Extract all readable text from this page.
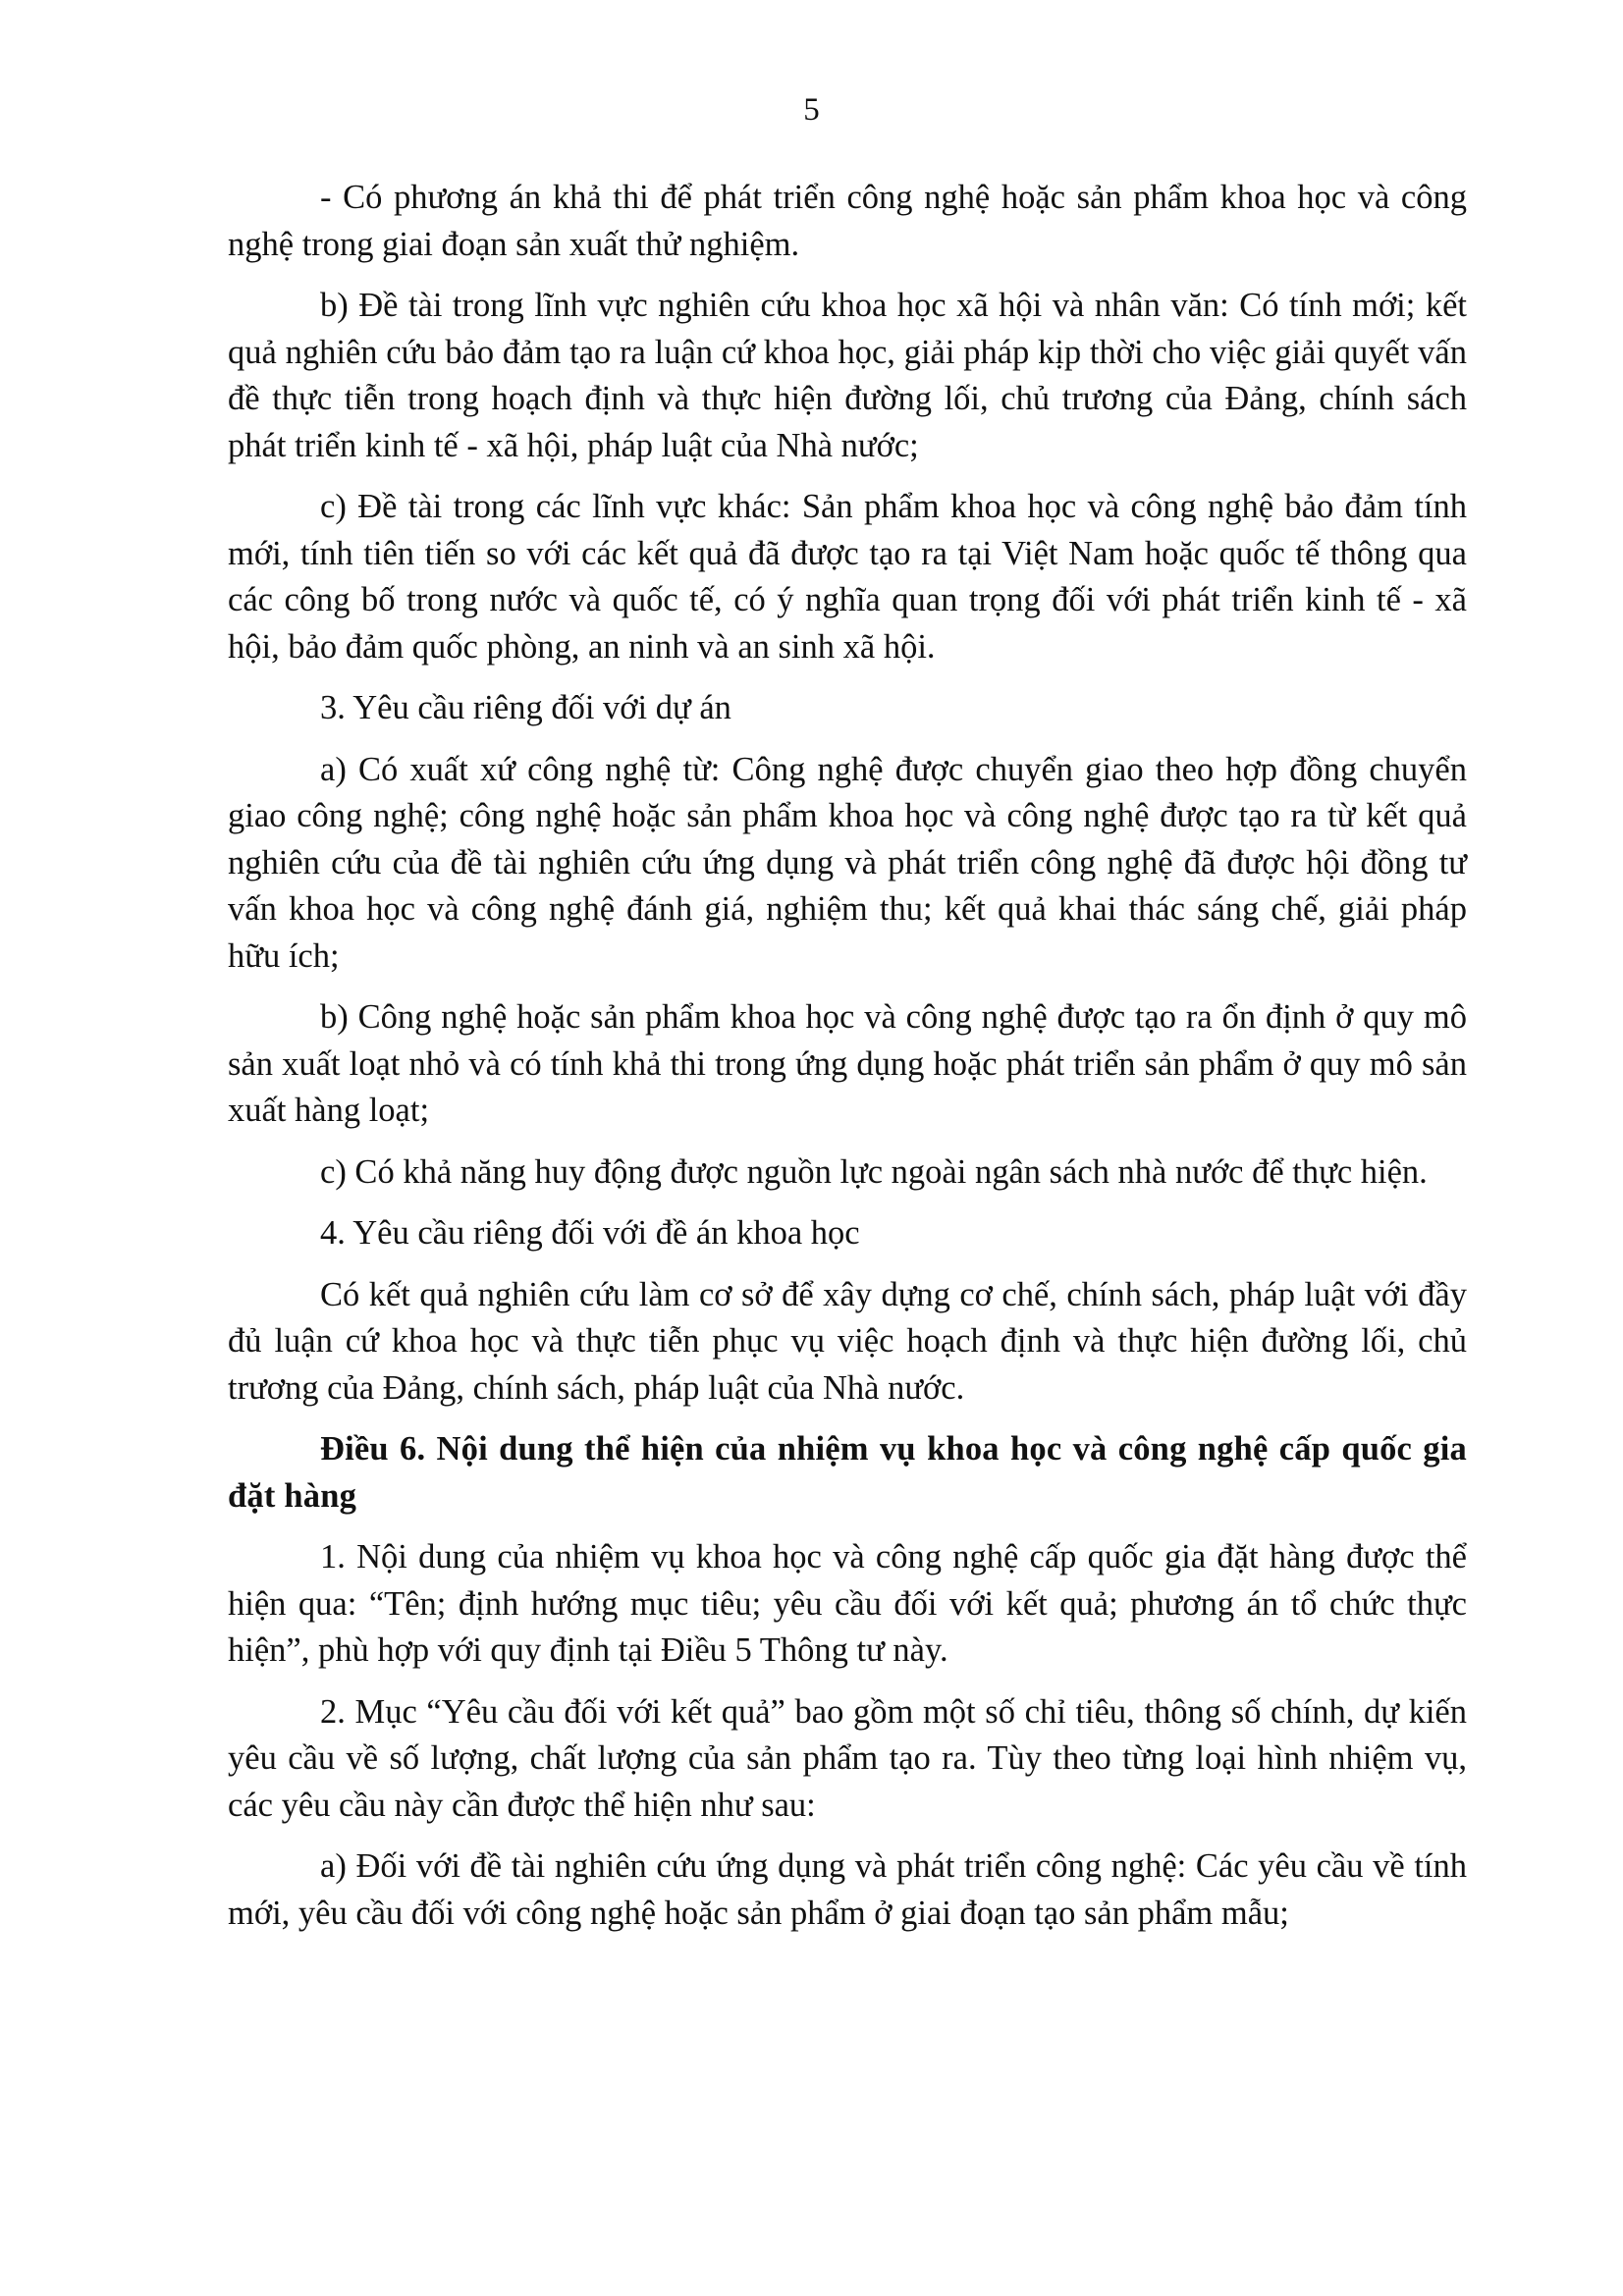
5

- Có phương án khả thi để phát triển công nghệ hoặc sản phẩm khoa học và công nghệ trong giai đoạn sản xuất thử nghiệm.

b) Đề tài trong lĩnh vực nghiên cứu khoa học xã hội và nhân văn: Có tính mới; kết quả nghiên cứu bảo đảm tạo ra luận cứ khoa học, giải pháp kịp thời cho việc giải quyết vấn đề thực tiễn trong hoạch định và thực hiện đường lối, chủ trương của Đảng, chính sách phát triển kinh tế - xã hội, pháp luật của Nhà nước;

c) Đề tài trong các lĩnh vực khác: Sản phẩm khoa học và công nghệ bảo đảm tính mới, tính tiên tiến so với các kết quả đã được tạo ra tại Việt Nam hoặc quốc tế thông qua các công bố trong nước và quốc tế, có ý nghĩa quan trọng đối với phát triển kinh tế - xã hội, bảo đảm quốc phòng, an ninh và an sinh xã hội.

3. Yêu cầu riêng đối với dự án

a) Có xuất xứ công nghệ từ: Công nghệ được chuyển giao theo hợp đồng chuyển giao công nghệ; công nghệ hoặc sản phẩm khoa học và công nghệ được tạo ra từ kết quả nghiên cứu của đề tài nghiên cứu ứng dụng và phát triển công nghệ đã được hội đồng tư vấn khoa học và công nghệ đánh giá, nghiệm thu; kết quả khai thác sáng chế, giải pháp hữu ích;

b) Công nghệ hoặc sản phẩm khoa học và công nghệ được tạo ra ổn định ở quy mô sản xuất loạt nhỏ và có tính khả thi trong ứng dụng hoặc phát triển sản phẩm ở quy mô sản xuất hàng loạt;

c) Có khả năng huy động được nguồn lực ngoài ngân sách nhà nước để thực hiện.

4. Yêu cầu riêng đối với đề án khoa học

Có kết quả nghiên cứu làm cơ sở để xây dựng cơ chế, chính sách, pháp luật với đầy đủ luận cứ khoa học và thực tiễn phục vụ việc hoạch định và thực hiện đường lối, chủ trương của Đảng, chính sách, pháp luật của Nhà nước.

Điều 6. Nội dung thể hiện của nhiệm vụ khoa học và công nghệ cấp quốc gia đặt hàng

1. Nội dung của nhiệm vụ khoa học và công nghệ cấp quốc gia đặt hàng được thể hiện qua: “Tên; định hướng mục tiêu; yêu cầu đối với kết quả; phương án tổ chức thực hiện”, phù hợp với quy định tại Điều 5 Thông tư này.

2. Mục “Yêu cầu đối với kết quả” bao gồm một số chỉ tiêu, thông số chính, dự kiến yêu cầu về số lượng, chất lượng của sản phẩm tạo ra. Tùy theo từng loại hình nhiệm vụ, các yêu cầu này cần được thể hiện như sau:

a) Đối với đề tài nghiên cứu ứng dụng và phát triển công nghệ: Các yêu cầu về tính mới, yêu cầu đối với công nghệ hoặc sản phẩm ở giai đoạn tạo sản phẩm mẫu;
